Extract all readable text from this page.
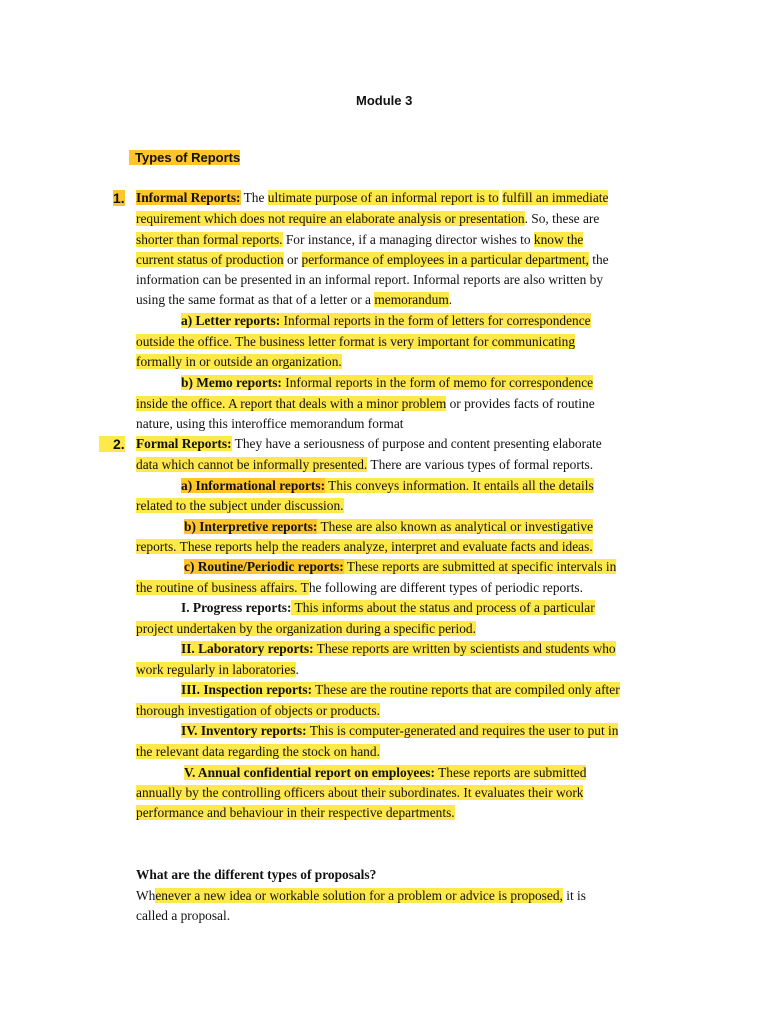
Module 3
Types of Reports
1. Informal Reports: The ultimate purpose of an informal report is to fulfill an immediate
requirement which does not require an elaborate analysis or presentation. So, these are
shorter than formal reports. For instance, if a managing director wishes to know the
current status of production or performance of employees in a particular department, the
information can be presented in an informal report. Informal reports are also written by
using the same format as that of a letter or a memorandum.
a) Letter reports: Informal reports in the form of letters for correspondence
outside the office. The business letter format is very important for communicating
formally in or outside an organization.
b) Memo reports: Informal reports in the form of memo for correspondence
inside the office. A report that deals with a minor problem or provides facts of routine
nature, using this interoffice memorandum format
2. Formal Reports: They have a seriousness of purpose and content presenting elaborate
data which cannot be informally presented. There are various types of formal reports.
a) Informational reports: This conveys information. It entails all the details
related to the subject under discussion.
b) Interpretive reports: These are also known as analytical or investigative
reports. These reports help the readers analyze, interpret and evaluate facts and ideas.
c) Routine/Periodic reports: These reports are submitted at specific intervals in
the routine of business affairs. The following are different types of periodic reports.
I. Progress reports: This informs about the status and process of a particular
project undertaken by the organization during a specific period.
II. Laboratory reports: These reports are written by scientists and students who
work regularly in laboratories.
III. Inspection reports: These are the routine reports that are compiled only after
thorough investigation of objects or products.
IV. Inventory reports: This is computer-generated and requires the user to put in
the relevant data regarding the stock on hand.
V. Annual confidential report on employees: These reports are submitted
annually by the controlling officers about their subordinates. It evaluates their work
performance and behaviour in their respective departments.
What are the different types of proposals?
Whenever a new idea or workable solution for a problem or advice is proposed, it is
called a proposal.
